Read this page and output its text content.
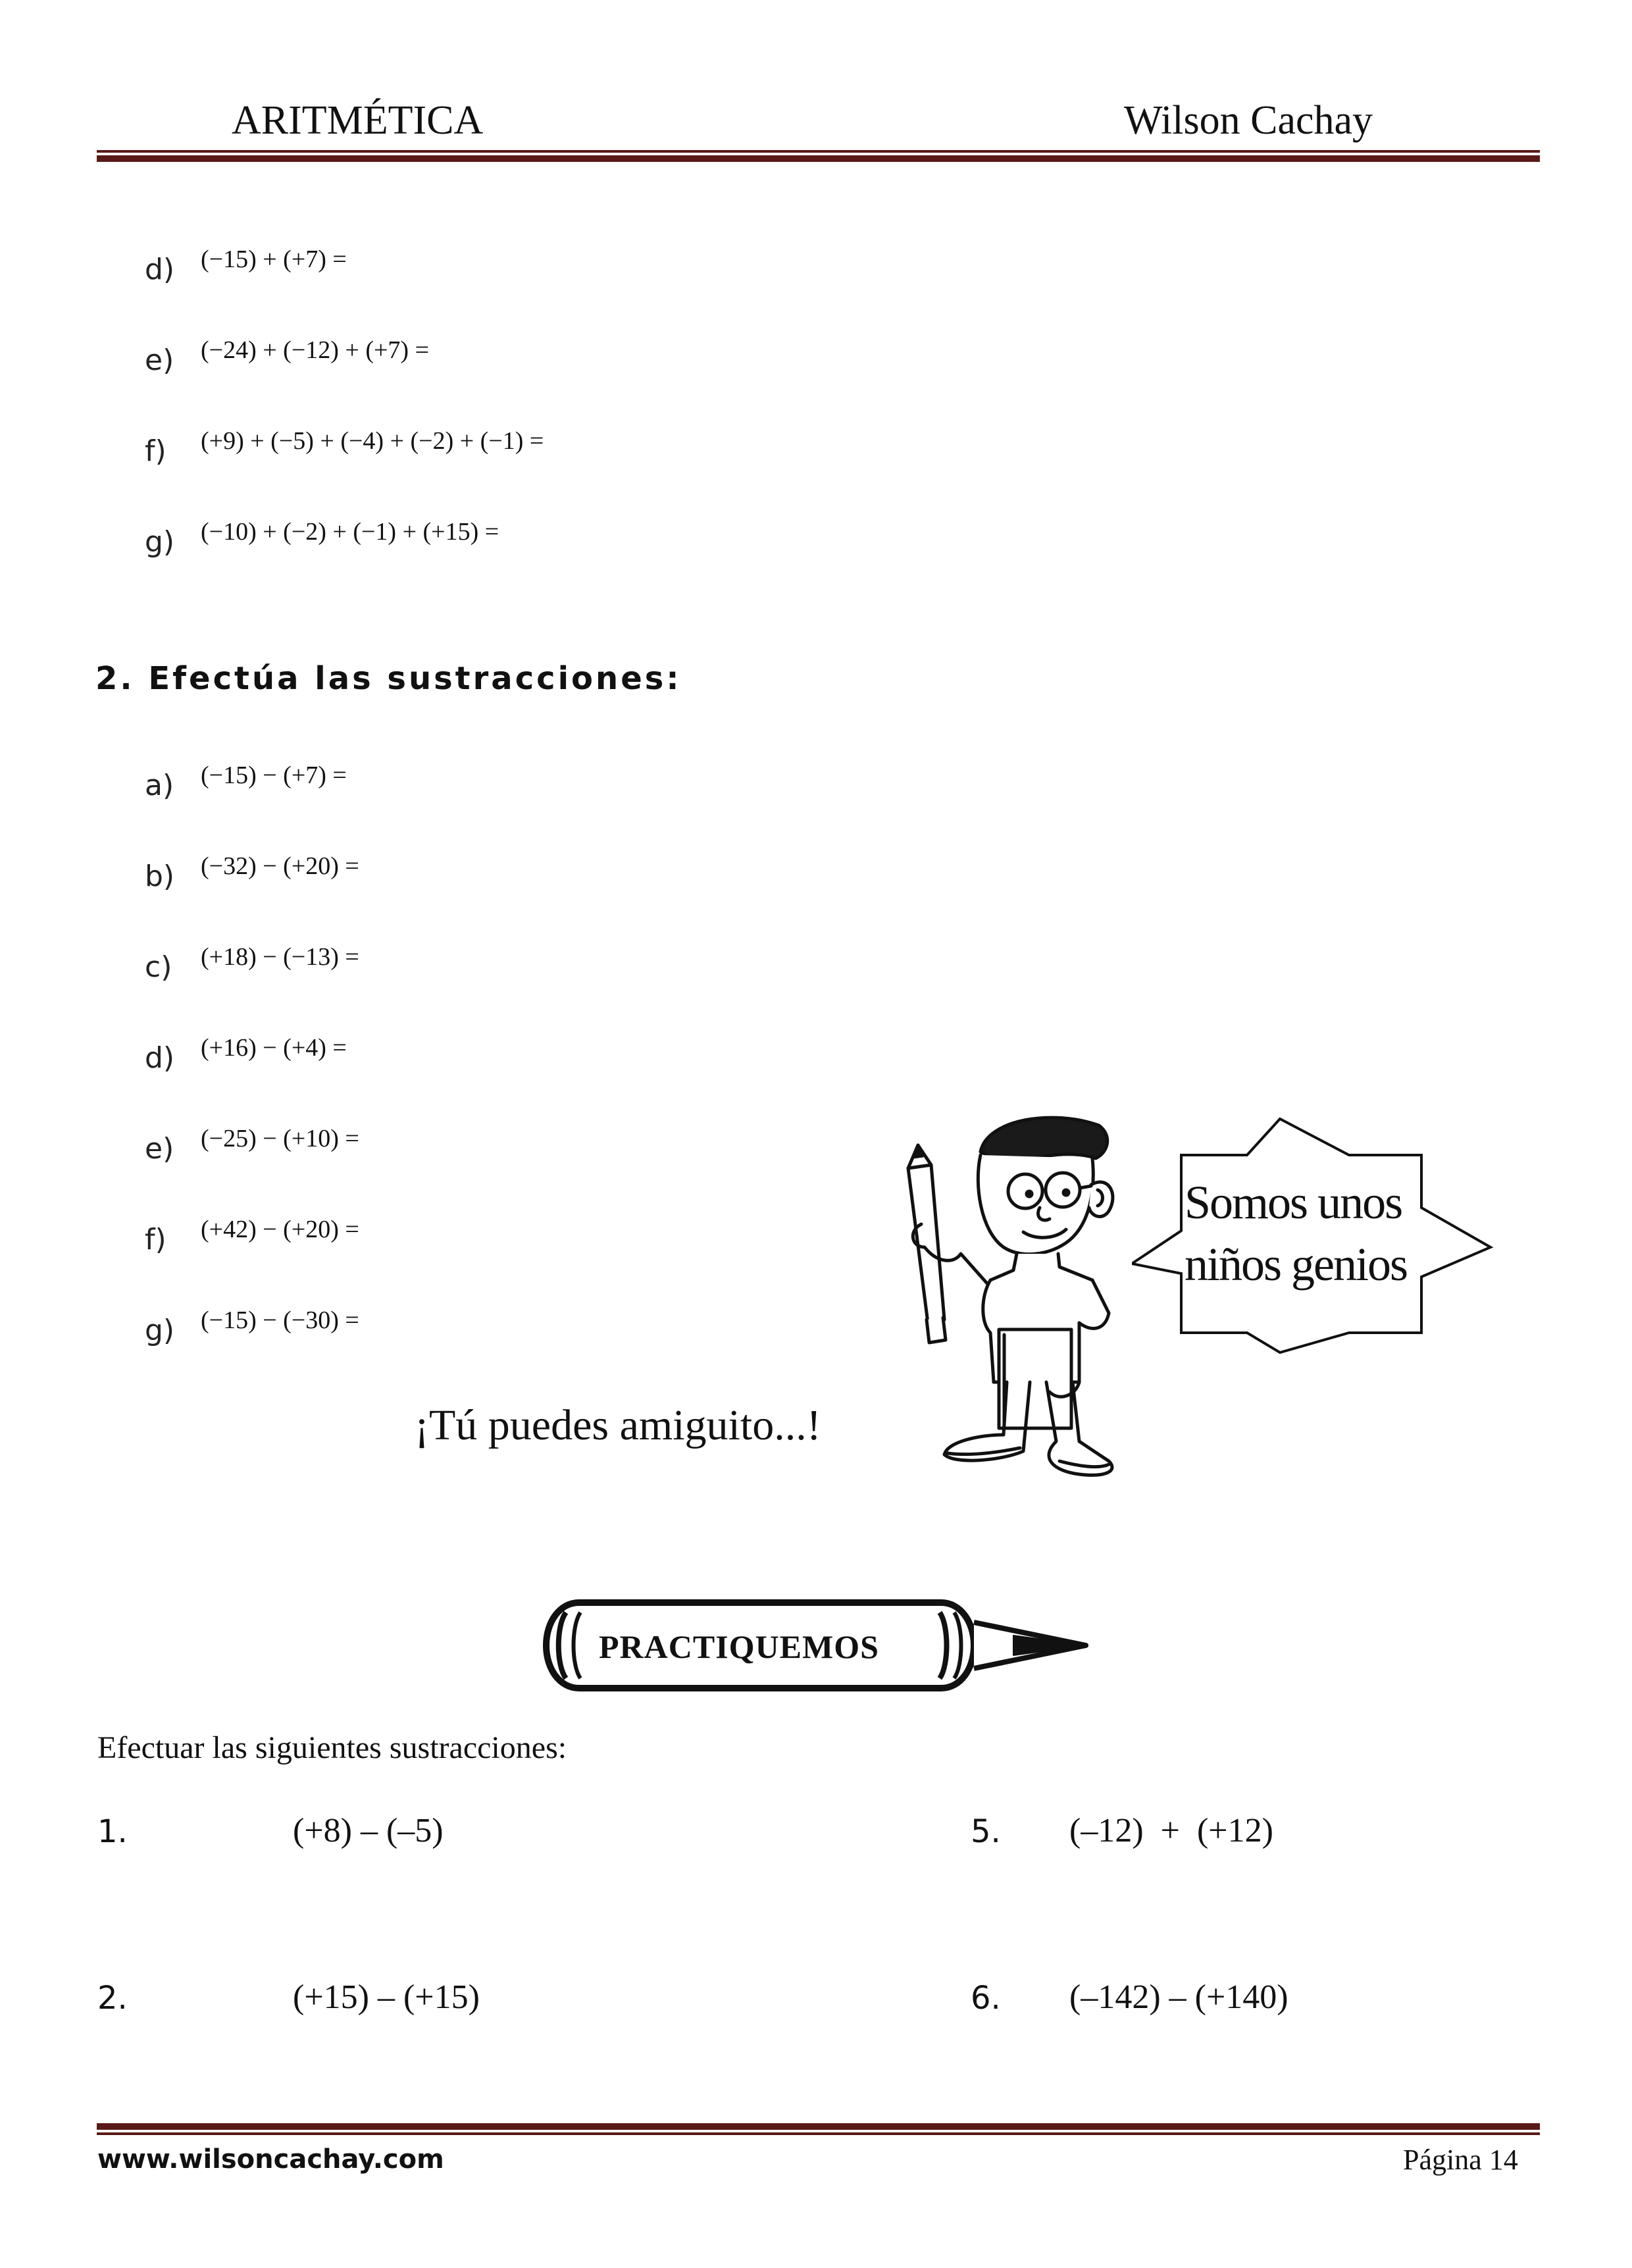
ARITMÉTICA	Wilson Cachay
d) (−15) + (+7) =
e) (−24) + (−12) + (+7) =
f) (+9) + (−5) + (−4) + (−2) + (−1) =
g) (−10) + (−2) + (−1) + (+15) =
2. Efectúa las sustracciones:
a) (−15) − (+7) =
b) (−32) − (+20) =
c) (+18) − (−13) =
d) (+16) − (+4) =
e) (−25) − (+10) =
f) (+42) − (+20) =
g) (−15) − (−30) =
¡Tú puedes amiguito...!
Somos unos
niños genios
PRACTIQUEMOS
Efectuar las siguientes sustracciones:
1.	(+8) – (–5)	5. (–12)  +  (+12)
2.	(+15) – (+15)	6. (–142) – (+140)
www.wilsoncachay.com	Página 14
